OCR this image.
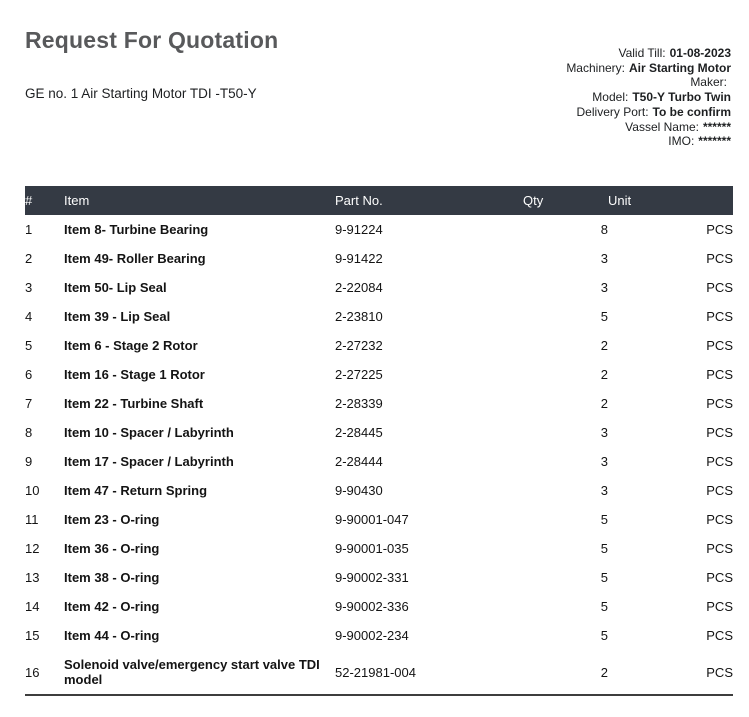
Request For Quotation
GE no. 1 Air Starting Motor TDI -T50-Y
Valid Till: 01-08-2023
Machinery: Air Starting Motor
Maker:
Model: T50-Y Turbo Twin
Delivery Port: To be confirm
Vassel Name: ******
IMO: *******
#	Item	Part No.	Qty	Unit
1	Item 8- Turbine Bearing	9-91224	8	PCS
2	Item 49- Roller Bearing	9-91422	3	PCS
3	Item 50- Lip Seal	2-22084	3	PCS
4	Item 39 - Lip Seal	2-23810	5	PCS
5	Item 6 - Stage 2 Rotor	2-27232	2	PCS
6	Item 16 - Stage 1 Rotor	2-27225	2	PCS
7	Item 22 - Turbine Shaft	2-28339	2	PCS
8	Item 10 - Spacer / Labyrinth	2-28445	3	PCS
9	Item 17 - Spacer / Labyrinth	2-28444	3	PCS
10	Item 47 - Return Spring	9-90430	3	PCS
11	Item 23 - O-ring	9-90001-047	5	PCS
12	Item 36 - O-ring	9-90001-035	5	PCS
13	Item 38 - O-ring	9-90002-331	5	PCS
14	Item 42 - O-ring	9-90002-336	5	PCS
15	Item 44 - O-ring	9-90002-234	5	PCS
16	Solenoid valve/emergency start valve TDI model	52-21981-004	2	PCS
